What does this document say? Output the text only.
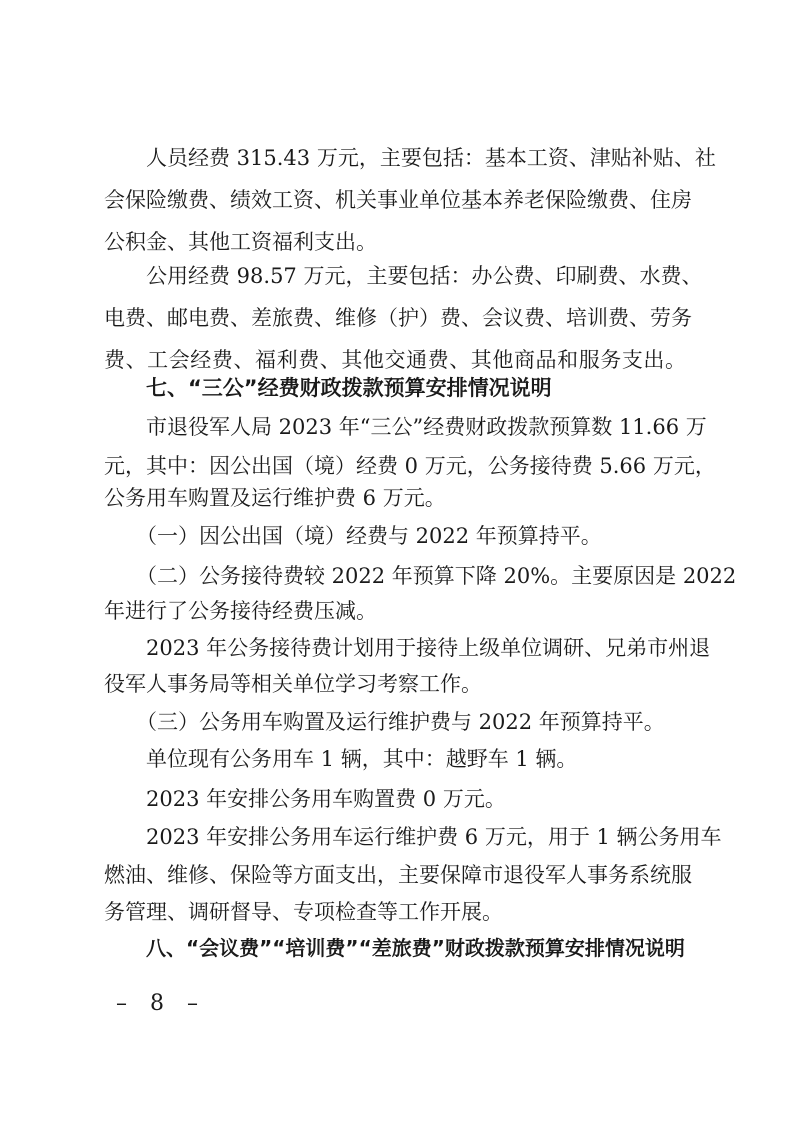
人员经费 315.43 万元，主要包括：基本工资、津贴补贴、社
会保险缴费、绩效工资、机关事业单位基本养老保险缴费、住房
公积金、其他工资福利支出。
公用经费 98.57 万元，主要包括：办公费、印刷费、水费、
电费、邮电费、差旅费、维修（护）费、会议费、培训费、劳务
费、工会经费、福利费、其他交通费、其他商品和服务支出。
七、“三公”经费财政拨款预算安排情况说明
市退役军人局 2023 年“三公”经费财政拨款预算数 11.66 万
元，其中：因公出国（境）经费 0 万元，公务接待费 5.66 万元，
公务用车购置及运行维护费 6 万元。
（一）因公出国（境）经费与 2022 年预算持平。
（二）公务接待费较 2022 年预算下降 20%。主要原因是 2022
年进行了公务接待经费压减。
2023 年公务接待费计划用于接待上级单位调研、兄弟市州退
役军人事务局等相关单位学习考察工作。
（三）公务用车购置及运行维护费与 2022 年预算持平。
单位现有公务用车 1 辆，其中：越野车 1 辆。
2023 年安排公务用车购置费 0 万元。
2023 年安排公务用车运行维护费 6 万元，用于 1 辆公务用车
燃油、维修、保险等方面支出，主要保障市退役军人事务系统服
务管理、调研督导、专项检查等工作开展。
八、“会议费”“培训费”“差旅费”财政拨款预算安排情况说明
– 8 –
